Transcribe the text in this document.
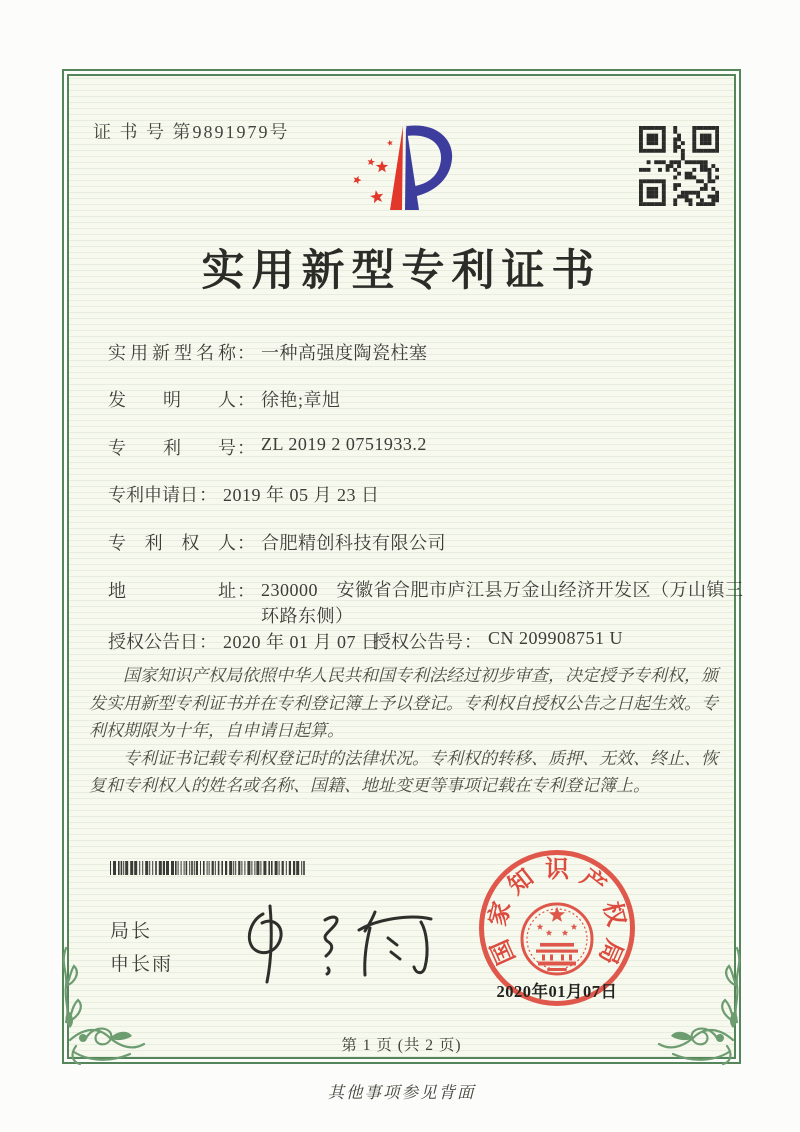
证 书 号 第9891979号
实用新型专利证书
实用新型名称 ： 一种高强度陶瓷柱塞
发明人 ： 徐艳;章旭
专利号 ： ZL 2019 2 0751933.2
专利申请日 ： 2019 年 05 月 23 日
专利权人 ： 合肥精创科技有限公司
地址 ： 230000　安徽省合肥市庐江县万金山经济开发区（万山镇三环路东侧）
授权公告日 ： 2020 年 01 月 07 日
授权公告号 ： CN 209908751 U

国家知识产权局依照中华人民共和国专利法经过初步审查，决定授予专利权，颁发实用新型专利证书并在专利登记簿上予以登记。专利权自授权公告之日起生效。专利权期限为十年，自申请日起算。

专利证书记载专利权登记时的法律状况。专利权的转移、质押、无效、终止、恢复和专利权人的姓名或名称、国籍、地址变更等事项记载在专利登记簿上。

局长
申长雨	国
家
知 识 产
权
局
2020年01月07日
第 1 页 (共 2 页)
其他事项参见背面
